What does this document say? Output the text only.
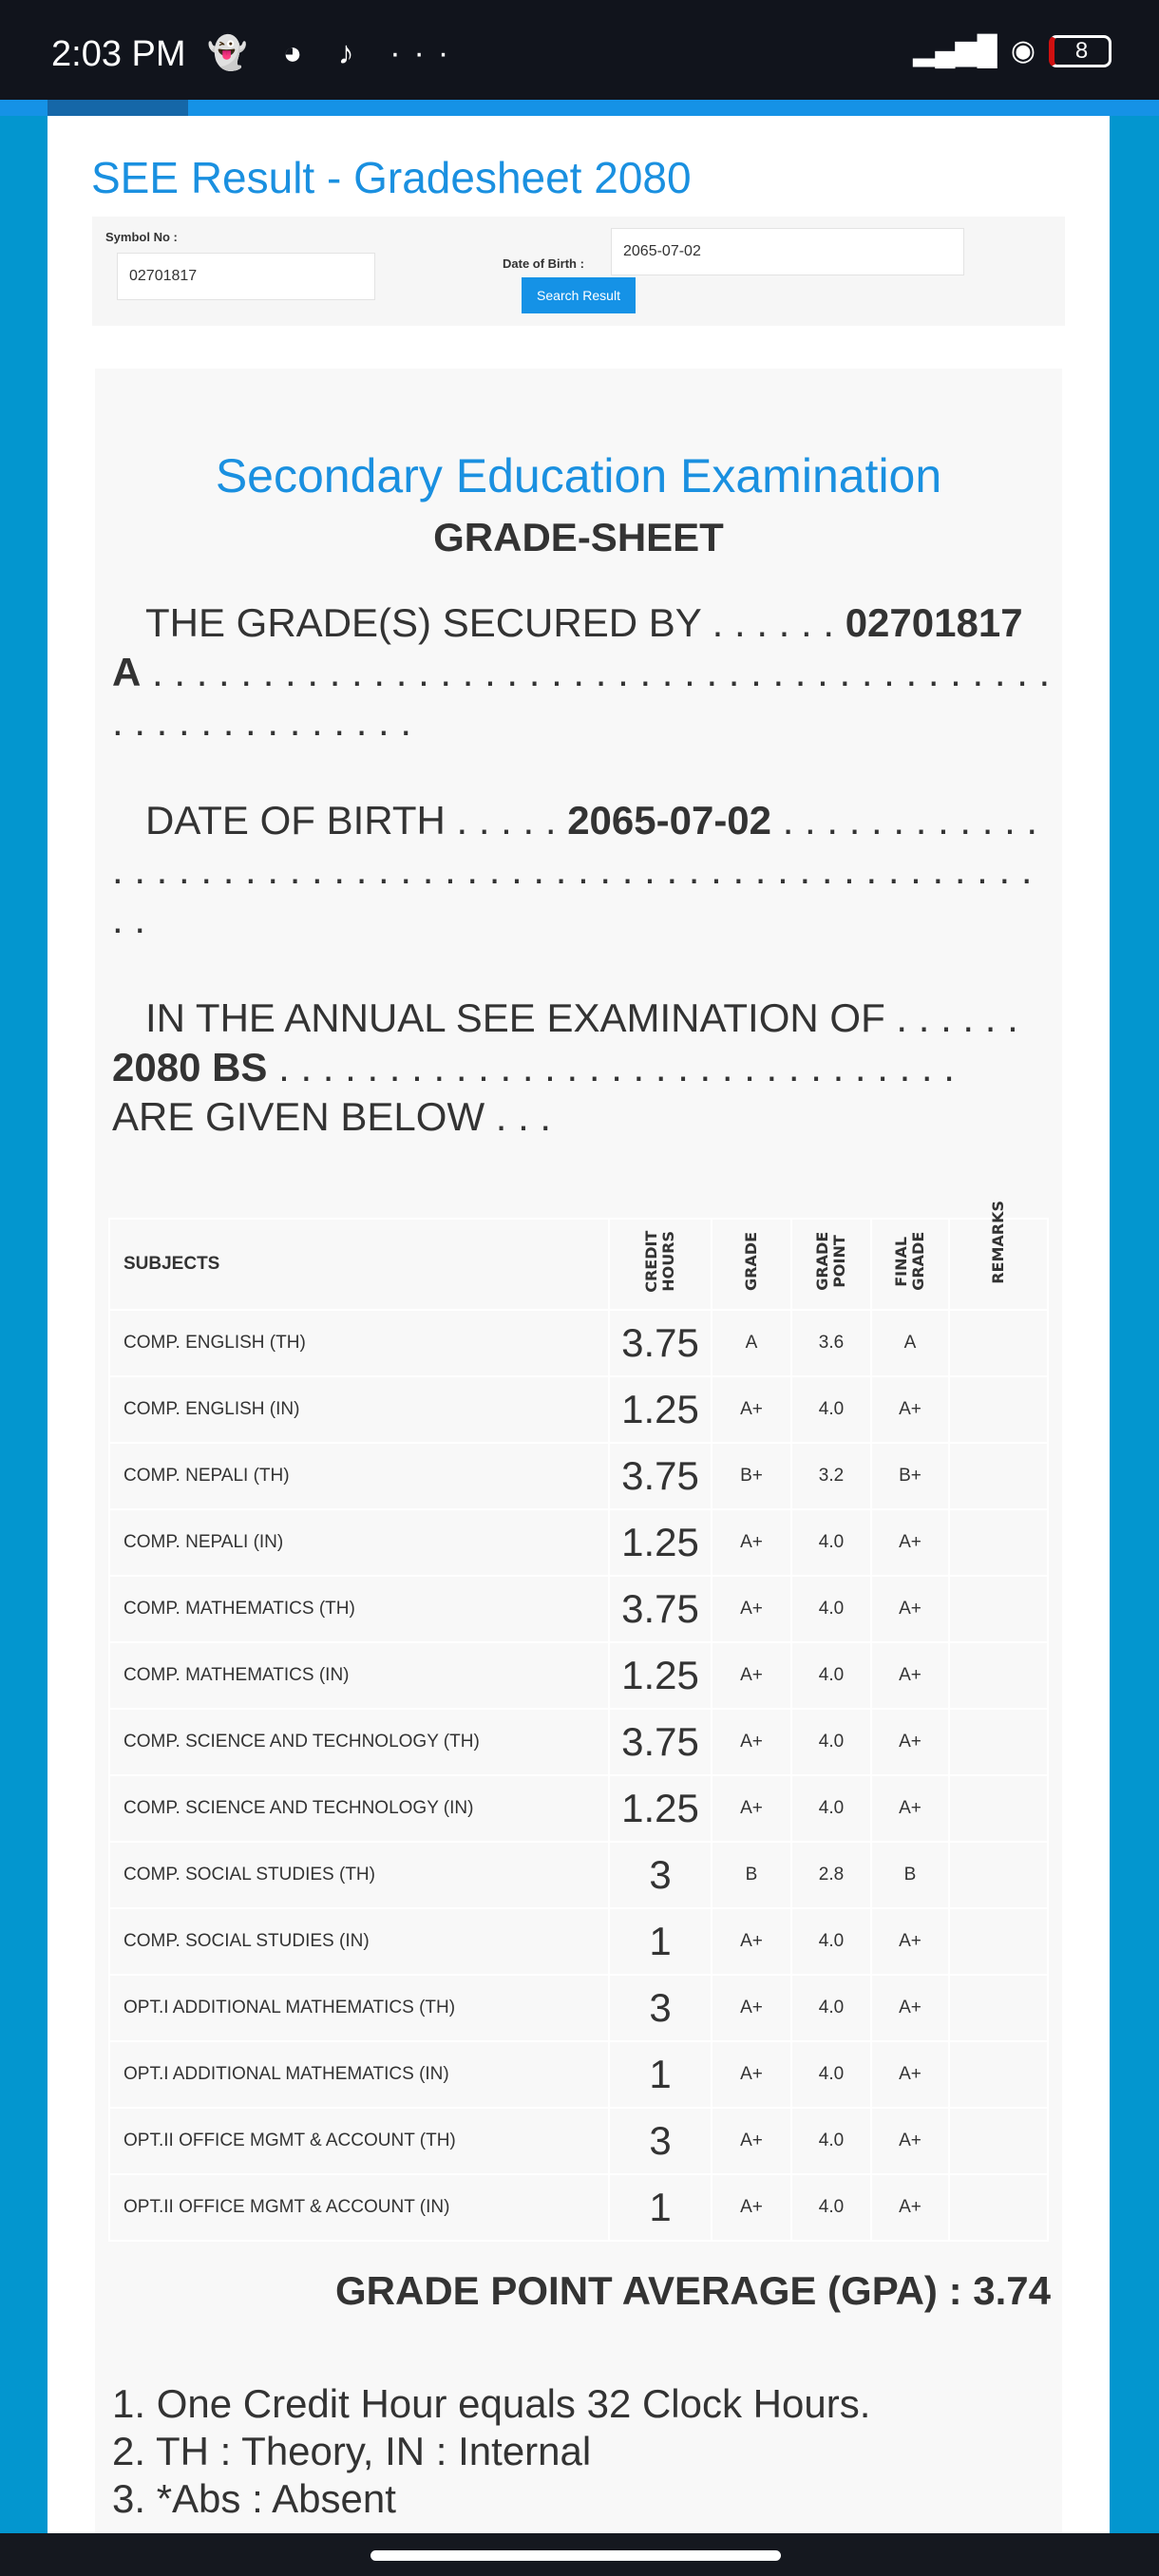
2:03 PM 👻 ◕ ♪ ···	▂▄▆█ ◉	8
SEE Result - Gradesheet 2080
Symbol No :
02701817
Date of Birth :
2065-07-02
Search Result
Secondary Education Examination
GRADE-SHEET
THE GRADE(S) SECURED BY . . . . . . 02701817A . . . . . . . . . . . . . . . . . . . . . . . . . . . . . . . . . . . . . . . . . . . . . . . . . . . . . . .
DATE OF BIRTH . . . . . 2065-07-02 . . . . . . . . . . . . . . . . . . . . . . . . . . . . . . . . . . . . . . . . . . . . . . . . . . . . . . . .
IN THE ANNUAL SEE EXAMINATION OF . . . . . .
2080 BS . . . . . . . . . . . . . . . . . . . . . . . . . . . . . . .
ARE GIVEN BELOW . . .
SUBJECTS	CREDIT HOURS	GRADE	GRADE POINT	FINAL GRADE	REMARKS
COMP. ENGLISH (TH)	3.75	A	3.6	A	
COMP. ENGLISH (IN)	1.25	A+	4.0	A+	
COMP. NEPALI (TH)	3.75	B+	3.2	B+	
COMP. NEPALI (IN)	1.25	A+	4.0	A+	
COMP. MATHEMATICS (TH)	3.75	A+	4.0	A+	
COMP. MATHEMATICS (IN)	1.25	A+	4.0	A+	
COMP. SCIENCE AND TECHNOLOGY (TH)	3.75	A+	4.0	A+	
COMP. SCIENCE AND TECHNOLOGY (IN)	1.25	A+	4.0	A+	
COMP. SOCIAL STUDIES (TH)	3	B	2.8	B	
COMP. SOCIAL STUDIES (IN)	1	A+	4.0	A+	
OPT.I ADDITIONAL MATHEMATICS (TH)	3	A+	4.0	A+	
OPT.I ADDITIONAL MATHEMATICS (IN)	1	A+	4.0	A+	
OPT.II OFFICE MGMT & ACCOUNT (TH)	3	A+	4.0	A+	
OPT.II OFFICE MGMT & ACCOUNT (IN)	1	A+	4.0	A+	
GRADE POINT AVERAGE (GPA) : 3.74
1. One Credit Hour equals 32 Clock Hours.
2. TH : Theory, IN : Internal
3. *Abs : Absent
